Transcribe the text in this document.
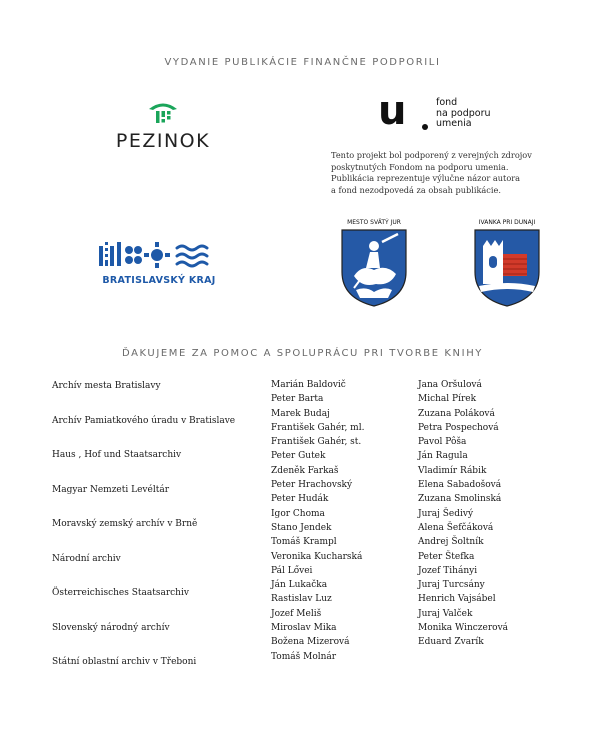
VYDANIE PUBLIKÁCIE FINANČNE PODPORILI
PEZINOK
u	fond
na podporu
umenia
Tento projekt bol podporený z verejných zdrojov
poskytnutých Fondom na podporu umenia.
Publikácia reprezentuje výlučne názor autora
a fond nezodpovedá za obsah publikácie.
BRATISLAVSKÝ KRAJ
MESTO SVÄTÝ JUR	IVANKA PRI DUNAJI
ĎAKUJEME ZA POMOC A SPOLUPRÁCU PRI TVORBE KNIHY
Archív mesta Bratislavy
Archív Pamiatkového úradu v Bratislave
Haus , Hof und Staatsarchiv
Magyar Nemzeti Levéltár
Moravský zemský archív v Brně
Národní archiv
Österreichisches Staatsarchiv
Slovenský národný archív
Státní oblastní archiv v Třeboni
Marián Baldovič
Peter Barta
Marek Budaj
František Gahér, ml.
František Gahér, st.
Peter Gutek
Zdeněk Farkaš
Peter Hrachovský
Peter Hudák
Igor Choma
Stano Jendek
Tomáš Krampl
Veronika Kucharská
Pál Lővei
Ján Lukačka
Rastislav Luz
Jozef Meliš
Miroslav Mika
Božena Mizerová
Tomáš Molnár
Jana Oršulová
Michal Pírek
Zuzana Poláková
Petra Pospechová
Pavol Pôša
Ján Ragula
Vladimír Rábik
Elena Sabadošová
Zuzana Smolinská
Juraj Šedivý
Alena Šefčáková
Andrej Šoltník
Peter Štefka
Jozef Tihányi
Juraj Turcsány
Henrich Vajsábel
Juraj Valček
Monika Winczerová
Eduard Zvarík
